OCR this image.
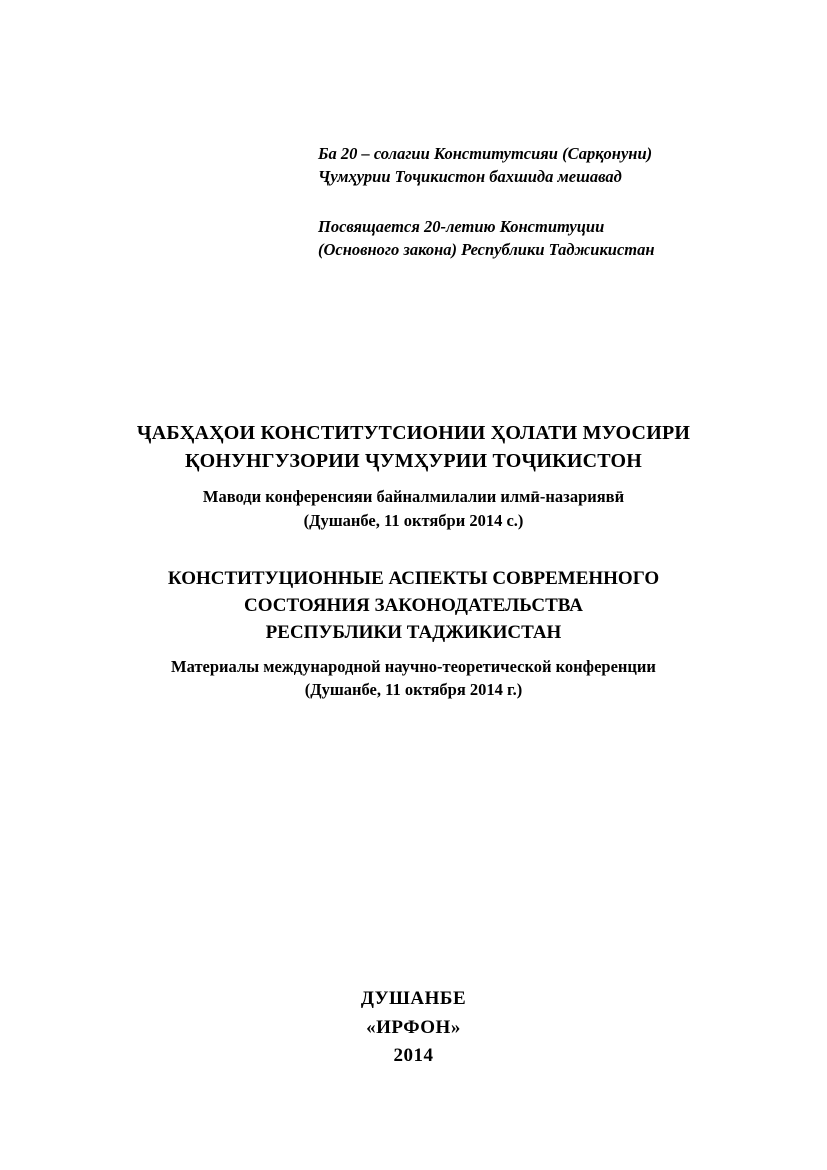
Ба 20 – солагии Конститутсияи (Сарқонуни)
Ҷумҳурии Тоҷикистон бахшида мешавад
Посвящается 20-летию Конституции
(Основного закона) Республики Таджикистан
ҶАБҲАҲОИ КОНСТИТУТСИОНИИ ҲОЛАТИ МУОСИРИ
ҚОНУНГУЗОРИИ ҶУМҲУРИИ ТОҶИКИСТОН
Маводи конференсияи байналмилалии илмӣ-назариявӣ
(Душанбе, 11 октябри 2014 с.)
КОНСТИТУЦИОННЫЕ АСПЕКТЫ СОВРЕМЕННОГО
СОСТОЯНИЯ ЗАКОНОДАТЕЛЬСТВА
РЕСПУБЛИКИ ТАДЖИКИСТАН
Материалы международной научно-теоретической конференции
(Душанбе, 11 октября 2014 г.)
ДУШАНБЕ
«ИРФОН»
2014
